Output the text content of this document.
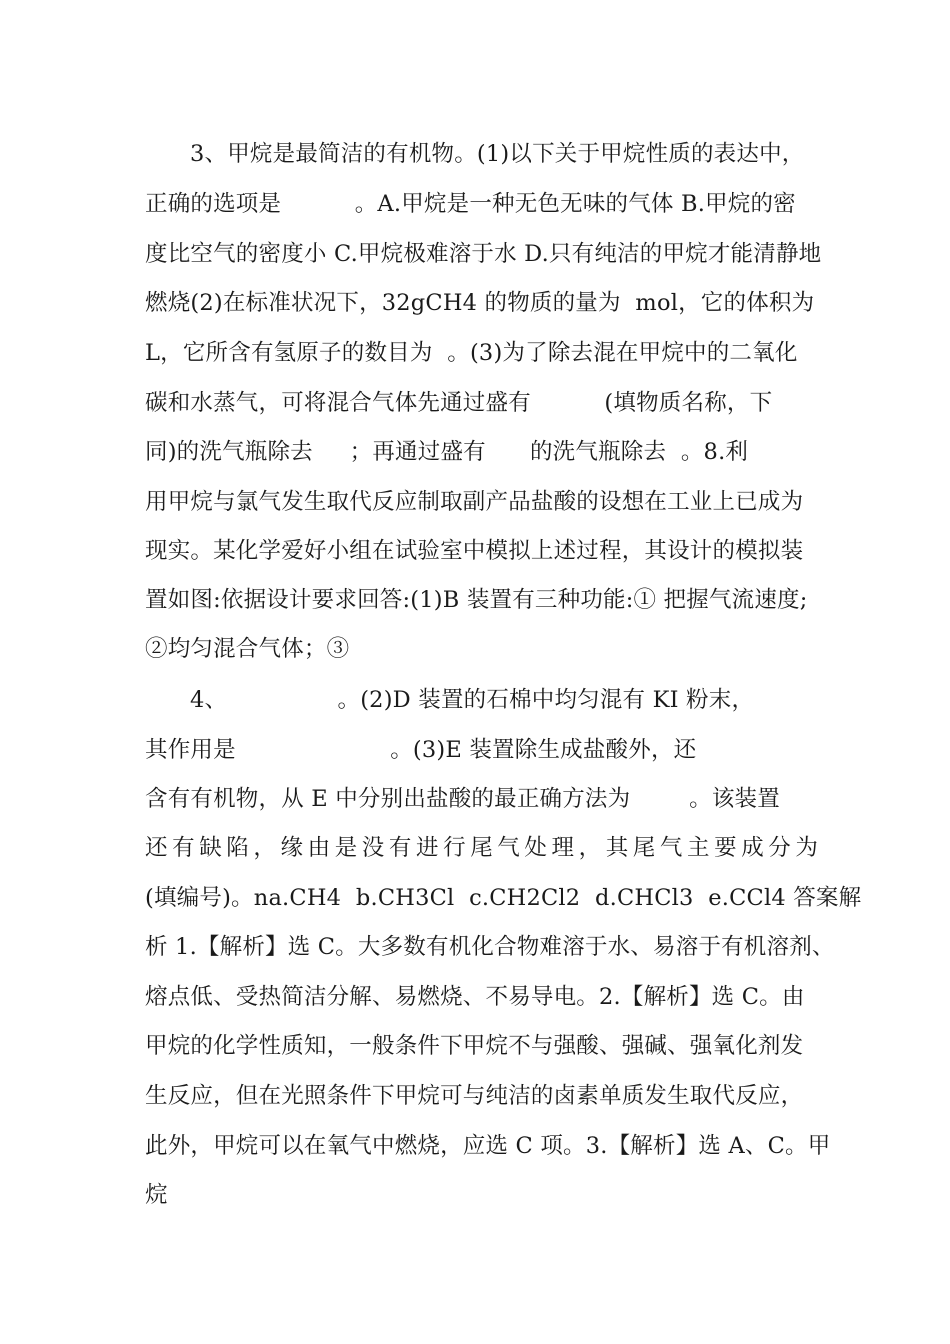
3、甲烷是最简洁的有机物。(1)以下关于甲烷性质的表达中，
正确的选项是          。A.甲烷是一种无色无味的气体 B.甲烷的密
度比空气的密度小 C.甲烷极难溶于水 D.只有纯洁的甲烷才能清静地
燃烧(2)在标准状况下，32gCH4 的物质的量为  mol，它的体积为
L，它所含有氢原子的数目为  。(3)为了除去混在甲烷中的二氧化
碳和水蒸气，可将混合气体先通过盛有          (填物质名称，下
同)的洗气瓶除去     ；再通过盛有      的洗气瓶除去  。8.利
用甲烷与氯气发生取代反应制取副产品盐酸的设想在工业上已成为
现实。某化学爱好小组在试验室中模拟上述过程，其设计的模拟装
置如图:依据设计要求回答:(1)B 装置有三种功能:① 把握气流速度;
②均匀混合气体；③
4、               。(2)D 装置的石棉中均匀混有 KI 粉末，
其作用是                     。(3)E 装置除生成盐酸外，还
含有有机物，从 E 中分别出盐酸的最正确方法为        。该装置
还有缺陷，缘由是没有进行尾气处理，其尾气主要成分为
(填编号)。na.CH4  b.CH3Cl  c.CH2Cl2  d.CHCl3  e.CCl4 答案解
析 1.【解析】选 C。大多数有机化合物难溶于水、易溶于有机溶剂、
熔点低、受热简洁分解、易燃烧、不易导电。2.【解析】选 C。由
甲烷的化学性质知，一般条件下甲烷不与强酸、强碱、强氧化剂发
生反应，但在光照条件下甲烷可与纯洁的卤素单质发生取代反应，
此外，甲烷可以在氧气中燃烧，应选 C 项。3.【解析】选 A、C。甲
烷
